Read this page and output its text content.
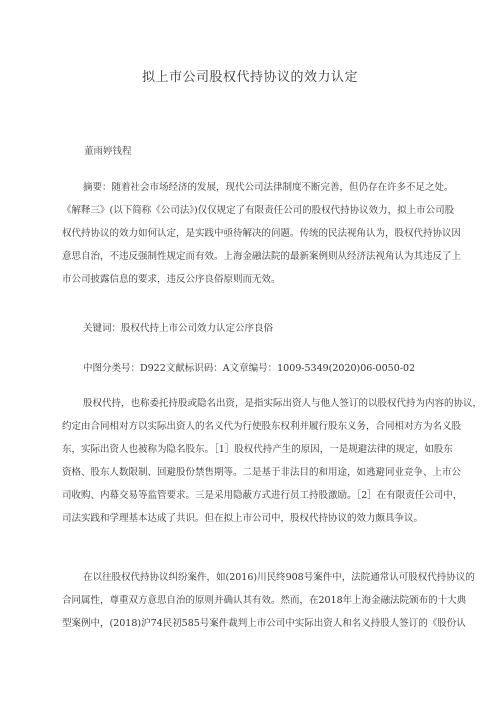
拟上市公司股权代持协议的效力认定
董雨婷钱程
摘要：随着社会市场经济的发展，现代公司法律制度不断完善，但仍存在许多不足之处。
《解释三》(以下简称《公司法》)仅仅规定了有限责任公司的股权代持协议效力，拟上市公司股
权代持协议的效力如何认定，是实践中亟待解决的问题。传统的民法视角认为，股权代持协议因
意思自治，不违反强制性规定而有效。上海金融法院的最新案例则从经济法视角认为其违反了上
市公司披露信息的要求，违反公序良俗原则而无效。
关键词：股权代持上市公司效力认定公序良俗
中图分类号：D922文献标识码：A文章编号：1009-5349(2020)06-0050-02
股权代持，也称委托持股或隐名出资，是指实际出资人与他人签订的以股权代持为内容的协议，
约定由合同相对方以实际出资人的名义代为行使股东权利并履行股东义务，合同相对方为名义股
东，实际出资人也被称为隐名股东。［1］股权代持产生的原因，一是规避法律的规定，如股东
资格、股东人数限制、回避股份禁售期等。二是基于非法目的和用途，如逃避同业竞争、上市公
司收购、内幕交易等监管要求。三是采用隐蔽方式进行员工持股激励。［2］在有限责任公司中，
司法实践和学理基本达成了共识。但在拟上市公司中，股权代持协议的效力颇具争议。
在以往股权代持协议纠纷案件，如(2016)川民终908号案件中，法院通常认可股权代持协议的
合同属性，尊重双方意思自治的原则并确认其有效。然而，在2018年上海金融法院颁布的十大典
型案例中，(2018)沪74民初585号案件裁判上市公司中实际出资人和名义持股人签订的《股份认
